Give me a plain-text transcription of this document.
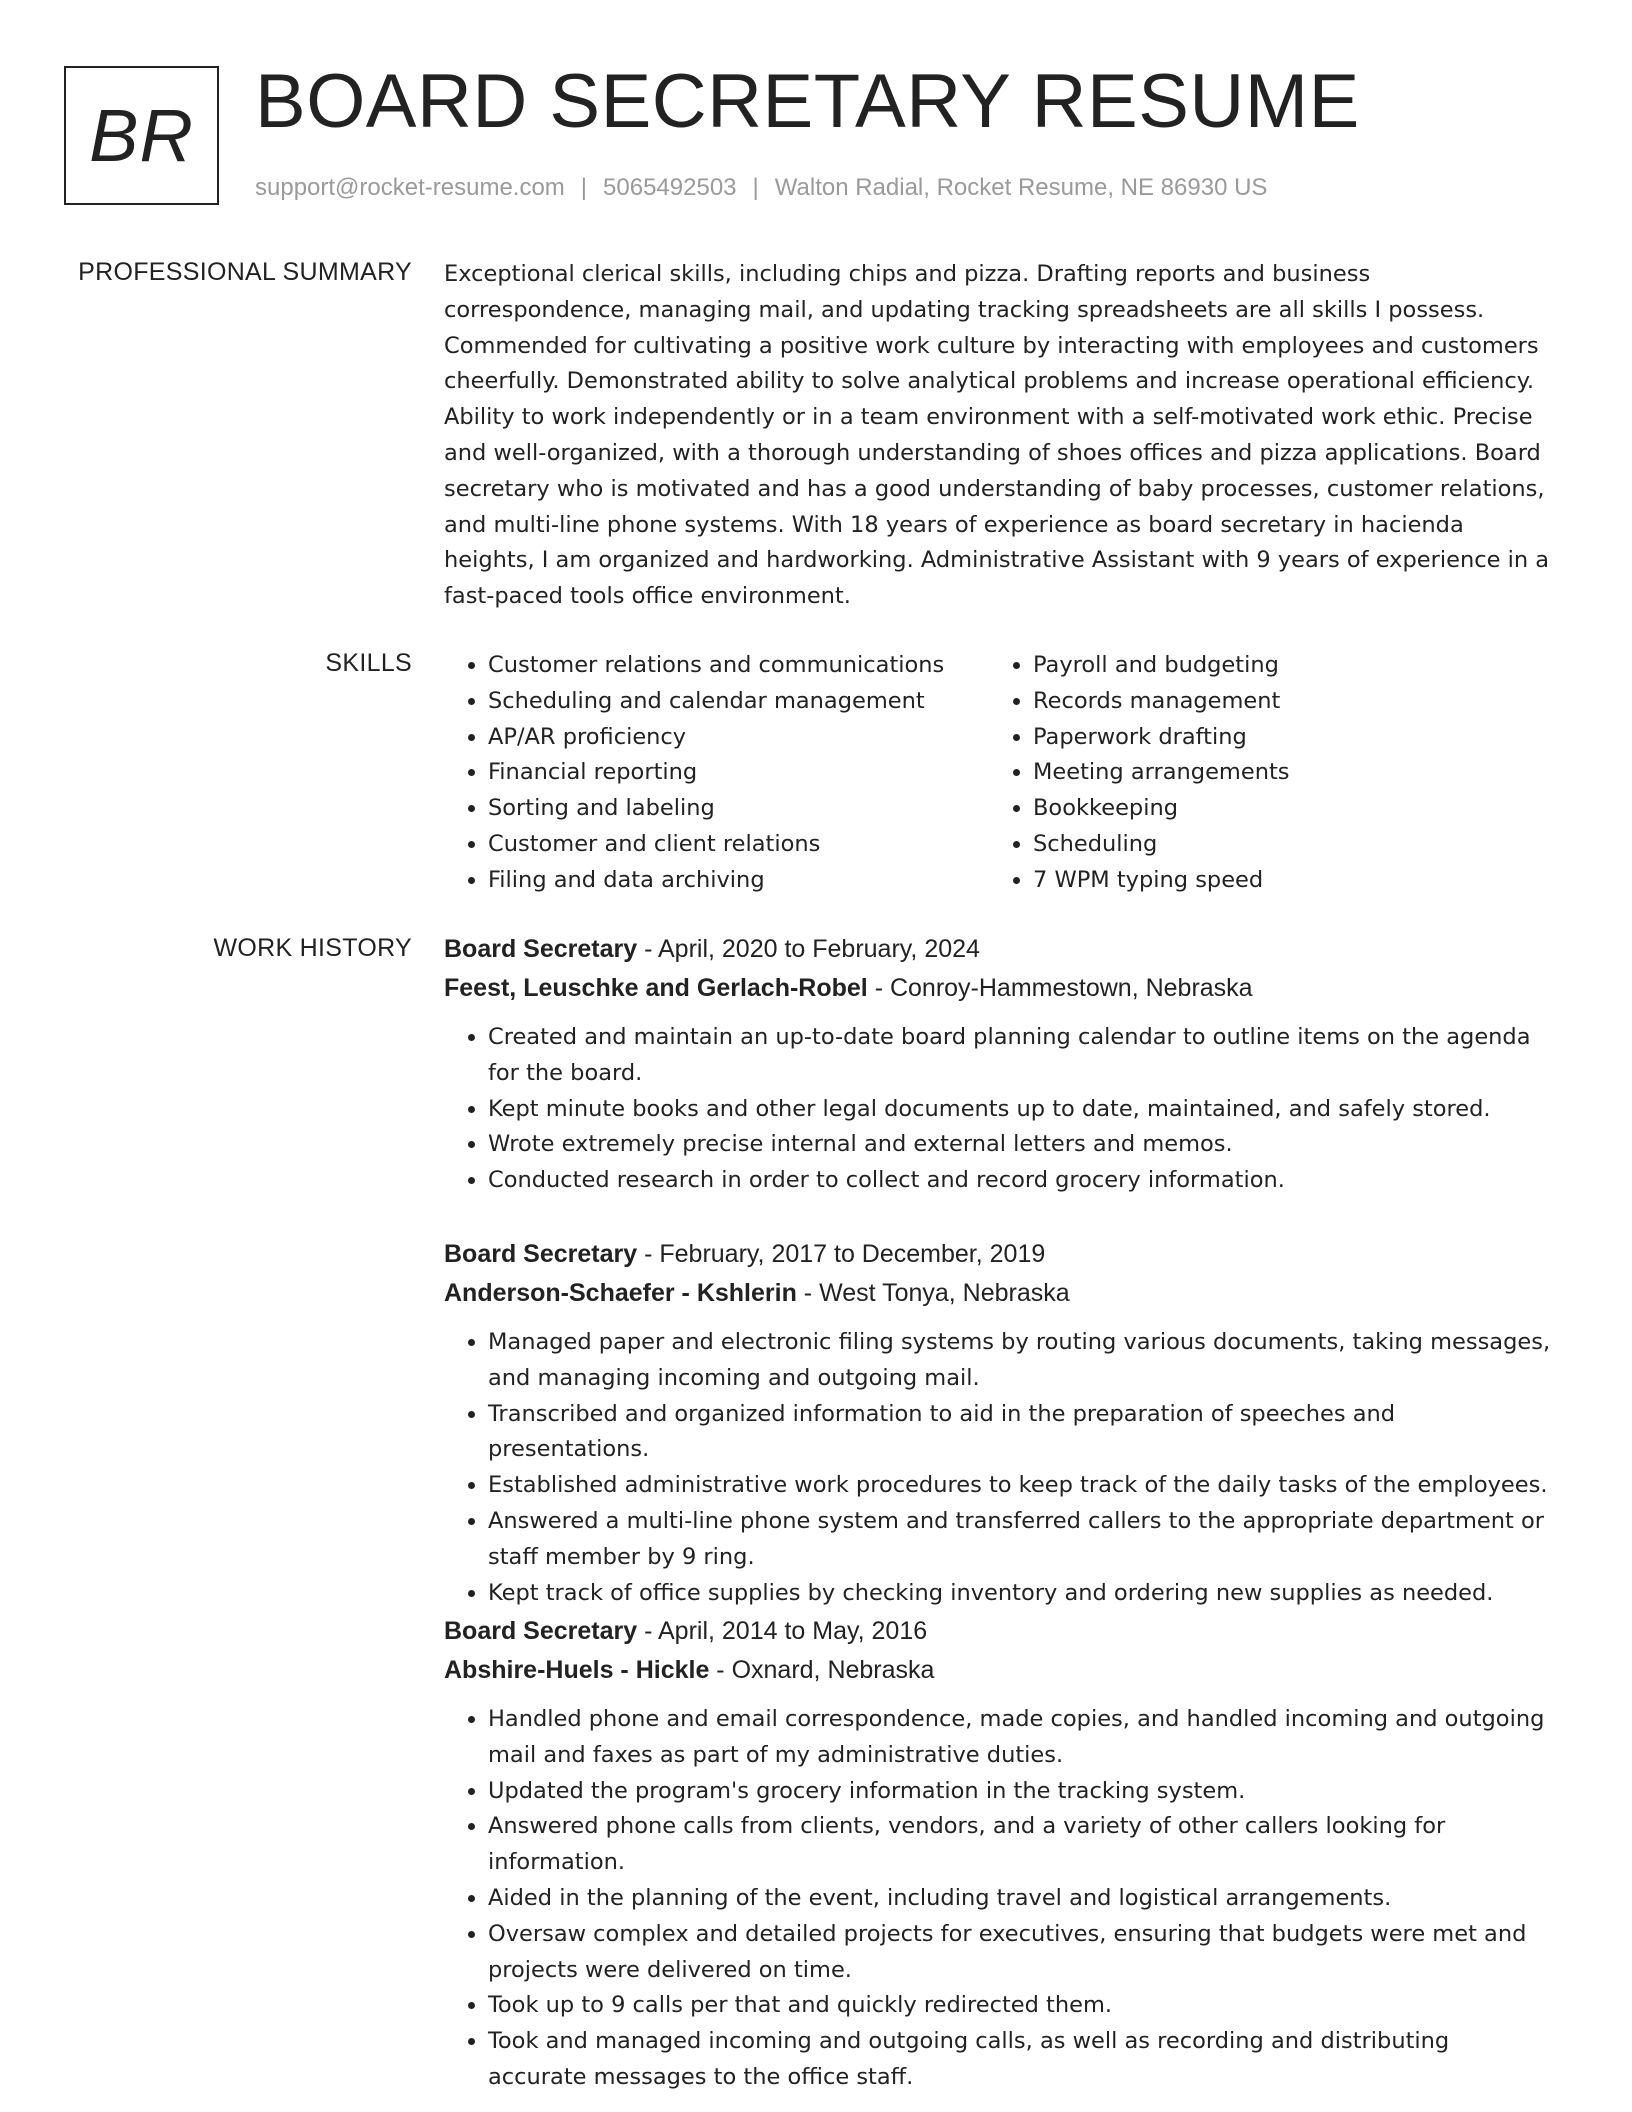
BR BOARD SECRETARY RESUME
support@rocket-resume.com | 5065492503 | Walton Radial, Rocket Resume, NE 86930 US
PROFESSIONAL SUMMARY Exceptional clerical skills, including chips and pizza. Drafting reports and business correspondence, managing mail, and updating tracking spreadsheets are all skills I possess. Commended for cultivating a positive work culture by interacting with employees and customers cheerfully. Demonstrated ability to solve analytical problems and increase operational efficiency. Ability to work independently or in a team environment with a self-motivated work ethic. Precise and well-organized, with a thorough understanding of shoes offices and pizza applications. Board secretary who is motivated and has a good understanding of baby processes, customer relations, and multi-line phone systems. With 18 years of experience as board secretary in hacienda heights, I am organized and hardworking. Administrative Assistant with 9 years of experience in a fast-paced tools office environment.

SKILLS
•	Customer relations and communications
• Scheduling and calendar management
• AP/AR proficiency
• Financial reporting
• Sorting and labeling
• Customer and client relations
• Filing and data archiving
• Payroll and budgeting
• Records management
• Paperwork drafting
• Meeting arrangements
• Bookkeeping
• Scheduling
• 7 WPM typing speed
WORK HISTORY Board Secretary - April, 2020 to February, 2024
Feest, Leuschke and Gerlach-Robel - Conroy-Hammestown, Nebraska
• Created and maintain an up-to-date board planning calendar to outline items on the agenda for the board.
• Kept minute books and other legal documents up to date, maintained, and safely stored.
• Wrote extremely precise internal and external letters and memos.
• Conducted research in order to collect and record grocery information.
Board Secretary - February, 2017 to December, 2019
Anderson-Schaefer - Kshlerin - West Tonya, Nebraska
• Managed paper and electronic filing systems by routing various documents, taking messages, and managing incoming and outgoing mail.
• Transcribed and organized information to aid in the preparation of speeches and presentations.
• Established administrative work procedures to keep track of the daily tasks of the employees.
• Answered a multi-line phone system and transferred callers to the appropriate department or staff member by 9 ring.
• Kept track of office supplies by checking inventory and ordering new supplies as needed.
Board Secretary - April, 2014 to May, 2016
Abshire-Huels - Hickle - Oxnard, Nebraska
• Handled phone and email correspondence, made copies, and handled incoming and outgoing mail and faxes as part of my administrative duties.
• Updated the program's grocery information in the tracking system.
• Answered phone calls from clients, vendors, and a variety of other callers looking for information.
• Aided in the planning of the event, including travel and logistical arrangements.
• Oversaw complex and detailed projects for executives, ensuring that budgets were met and projects were delivered on time.
• Took up to 9 calls per that and quickly redirected them.
• Took and managed incoming and outgoing calls, as well as recording and distributing accurate messages to the office staff.
